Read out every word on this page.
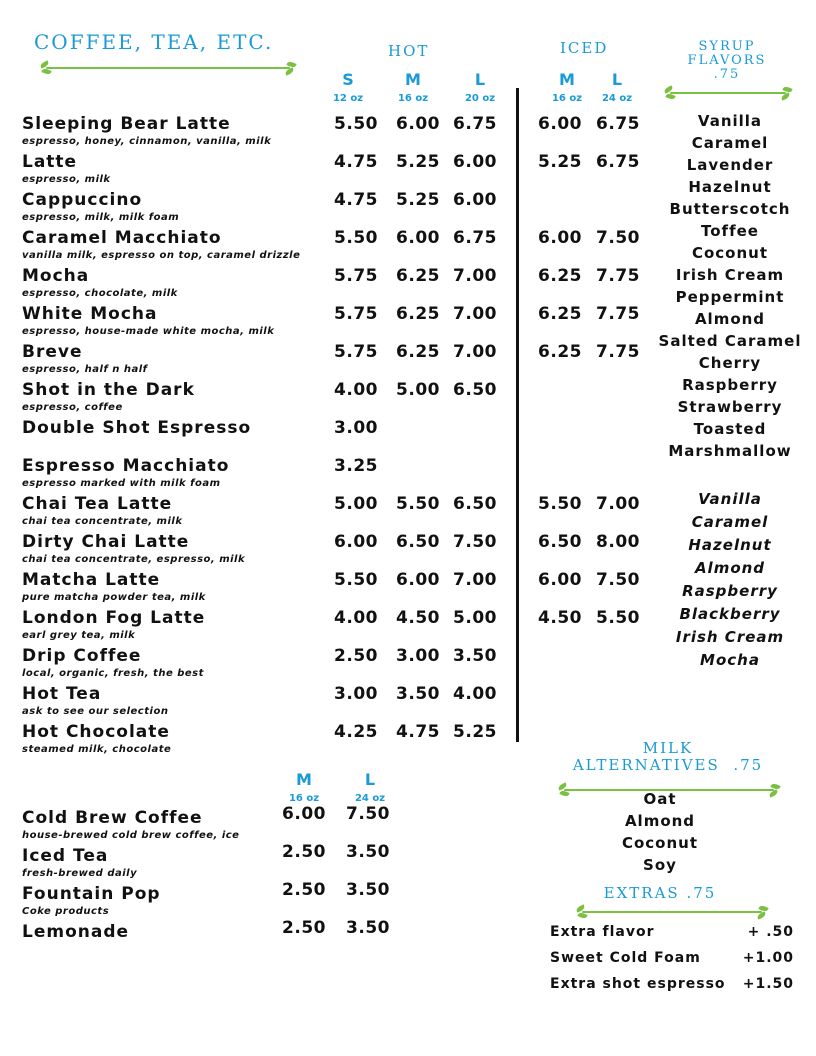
COFFEE, TEA, ETC.	HOT	ICED	SYRUP
FLAVORS
.75
S
12 oz
M
16 oz
L
20 oz
M
16 oz
L
24 oz
Sleeping Bear Latte
espresso, honey, cinnamon, vanilla, milk
5.50	6.00 6.75	6.00 6.75
Latte
espresso, milk
4.75	5.25 6.00	5.25 6.75
Cappuccino
espresso, milk, milk foam
4.75	5.25 6.00
Caramel Macchiato
vanilla milk, espresso on top, caramel drizzle
5.50	6.00 6.75	6.00 7.50
Mocha
espresso, chocolate, milk
5.75	6.25 7.00	6.25 7.75
White Mocha
espresso, house-made white mocha, milk
5.75	6.25 7.00	6.25 7.75
Breve
espresso, half n half
5.75	6.25 7.00	6.25 7.75
Shot in the Dark
espresso, coffee
4.00	5.00 6.50
Double Shot Espresso	3.00
Espresso Macchiato
espresso marked with milk foam
3.25
Chai Tea Latte
chai tea concentrate, milk
5.00	5.50 6.50	5.50 7.00
Dirty Chai Latte
chai tea concentrate, espresso, milk
6.00	6.50 7.50	6.50 8.00
Matcha Latte
pure matcha powder tea, milk
5.50	6.00 7.00	6.00 7.50
London Fog Latte
earl grey tea, milk
4.00	4.50 5.00	4.50 5.50
Drip Coffee
local, organic, fresh, the best
2.50	3.00 3.50
Hot Tea
ask to see our selection
3.00	3.50 4.00
Hot Chocolate
steamed milk, chocolate
4.25	4.75 5.25
M
16 oz
L
24 oz
Cold Brew Coffee
house-brewed cold brew coffee, ice
6.00	7.50
Iced Tea
fresh-brewed daily
2.50	3.50
Fountain Pop
Coke products
2.50	3.50
Lemonade	2.50	3.50
Vanilla
Caramel
Lavender
Hazelnut
Butterscotch
Toffee
Coconut
Irish Cream
Peppermint
Almond
Salted Caramel
Cherry
Raspberry
Strawberry
Toasted
Marshmallow
Vanilla
Caramel
Hazelnut
Almond
Raspberry
Blackberry
Irish Cream
Mocha
MILK
ALTERNATIVES .75
Oat
Almond
Coconut
Soy
EXTRAS .75
Extra flavor	+ .50
Sweet Cold Foam	+1.00
Extra shot espresso +1.50
